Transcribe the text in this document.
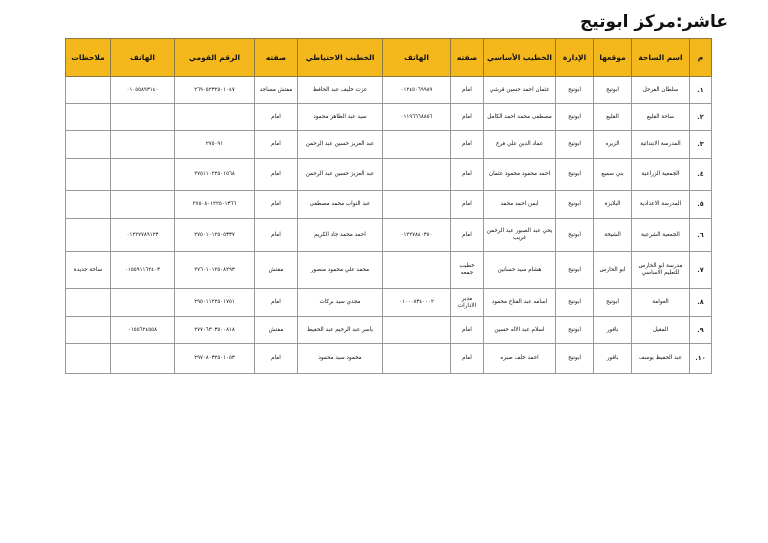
عاشر:مركز ابوتيج
م	اسم الساحة	موقعها	الإدارة	الخطيب الأساسي	صفته	الهاتف	الخطيب الاحتياطي	صفته	الرقم القومي	الهاتف	ملاحظات
١.	سلطان الفرحل	ابوتيج	ابوتيج	عثمان احمد حسين قرشي	امام	٠١٢٤٥٠٦٩٩٨٩	عزت خليف عبد الحافظ	مفتش مساجد	٢٦٩٠٥٢٣٢٥٠١٠٤٧	٠١٠٥٥٨٩٣١٤٠	
٢.	ساحة القليع	القليع	ابوتيج	مصطفى محمد احمد الكامل	امام	٠١١٩٦٦٦٨٨٥٦	سيد عبد الظاهر محمود	امام			
٣.	المدرسة الابتدائية	الزيره	ابوتيج	عماد الدين علي فرج	امام		عبد العزيز حسين عبد الرحمن	امام	٢٧٥٠٩١		
٤.	الجمعية الزراعية	بني سميع	ابوتيج	احمد محمود محمود عثمان	امام		عبد العزيز حسين عبد الرحمن	امام	٢٧٥١١٠٢٢٥٠١٥٦٨		
٥.	المدرسة الاعدادية	البلايزة	ابوتيج	ايمن احمد محمد	امام		عبد التواب محمد مصطفى	امام	٢٧٥٠٨٠١٢٢٥٠١٣٦٦		
٦.	الجمعية الشرعية	الشيخة	ابوتيج	يحي عبد الصبور عبد الرحمن غريب	امام	٠١٢٢٧٨٤٠٣٨٠	احمد محمد جاد الكريم	امام	٢٧٥٠١٠١٢٥٠٥٣٣٧	٠١٢٢٧٧٨٩١٢٣	
٧.	مدرسة ابو الحارس للتعليم الاساسي	ابو الحارس	ابوتيج	هشام سيد حسانين	خطيب جمعه		محمد علي محمود منصور	مفتش	٢٧٦٠١٠١٢٥٠٨٢٩٣	٠١٥٥٩١١٦٢٤٠٣	ساحة جديدة
٨.	العوامة	ابوتيج	ابوتيج	اسامه عبد الفتاح محمود	مدير الادارات	٠١٠٠٠٨٣٤٠٠٠٢	مجدي سيد بركات	امام	٢٩٥٠١١٢٢٥٠١٧٥١		
٩.	المقيل	باقور	ابوتيج	اسلام عبد الاله حسين	امام		ياسر عبد الرحيم عبد الحفيظ	مفتش	٢٧٧٠٦٣٠٣٥٠٠٨١٨	٠١٥٥٦٢٤٥٥٨	
١٠.	عبد الحفيظ يوسف	باقور	ابوتيج	احمد خلف صبره	امام		محمود سيد محمود	امام	٢٩٧٠٨٠٣٢٥٠١٠٥٣		
